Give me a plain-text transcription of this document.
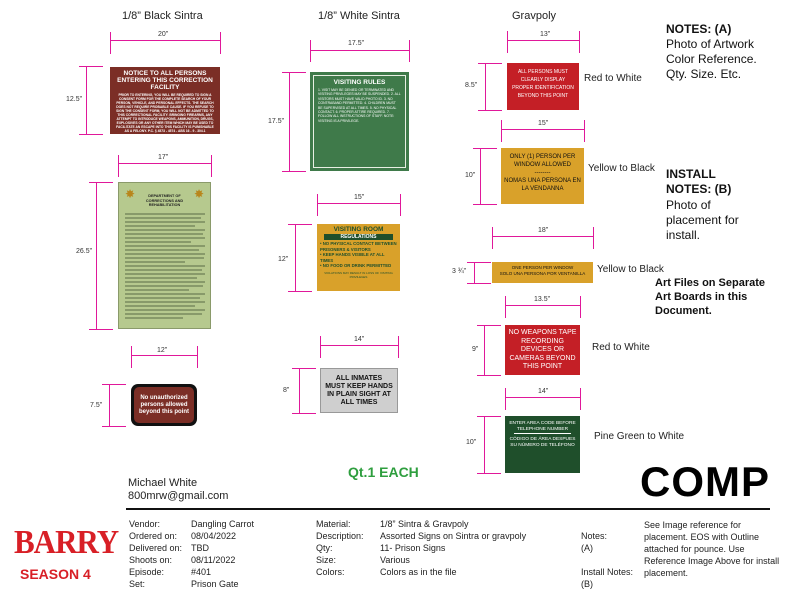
1/8” Black Sintra	1/8” White Sintra	Gravpoly
20”
12.5”
NOTICE TO ALL PERSONS ENTERING THIS CORRECTION FACILITY
PRIOR TO ENTERING, YOU WILL BE REQUIRED TO SIGN A CONSENT FORM FOR THE COMPLETE SEARCH OF YOUR PERSON, VEHICLE, AND PERSONAL EFFECTS. THE SEARCH DOES NOT REQUIRE PROBABLE CAUSE. IF YOU REFUSE TO SIGN THE CONSENT FORM, YOU WILL NOT BE ADMITTED TO THIS CORRECTIONAL FACILITY. BRINGING FIREARMS, ANY ATTEMPT TO INTRODUCE WEAPONS, AMMUNITION, DRUGS, EXPLOSIVES OR ANY OTHER ITEM WHICH MAY BE USED TO FACILITATE AN ESCAPE INTO THIS FACILITY IS PUNISHABLE AS A FELONY. P.C. § 4573 - 4574 - ABS 16 - 9 - 304.1
17”
26.5”
✸	DEPARTMENT OF CORRECTIONS AND REHABILITATION
✸
12”
7.5”
No unauthorized persons allowed beyond this point
17.5”
17.5”
VISITING RULES
1. VISIT MAY BE DENIED OR TERMINATED AND VISITING PRIVILEGES MAY BE SUSPENDED. 2. ALL VISITORS MUST HAVE VALID PHOTO ID. 3. NO CONTRABAND PERMITTED. 4. CHILDREN MUST BE SUPERVISED AT ALL TIMES. 5. NO PHYSICAL CONTACT. 6. PROPER ATTIRE REQUIRED. 7. FOLLOW ALL INSTRUCTIONS OF STAFF. NOTE: VISITING IS A PRIVILEGE.
15”
12”
VISITING ROOM
REGULATIONS
• NO PHYSICAL CONTACT BETWEEN PRISONERS & VISITORS
• KEEP HANDS VISIBLE AT ALL TIMES
• NO FOOD OR DRINK PERMITTED
VIOLATIONS MAY RESULT IN LOSS OF VISITING PRIVILEGES
14”
8”
ALL INMATES MUST KEEP HANDS IN PLAIN SIGHT AT ALL TIMES
Qt.1 EACH
13”
8.5”
ALL PERSONS MUST CLEARLY DISPLAY PROPER IDENTIFICATION BEYOND THIS POINT
Red to White
15”
10”
ONLY (1) PERSON PER WINDOW ALLOWED
--------
NOMAS UNA PERSONA EN LA VENDANNA
Yellow to Black
18”
3 ¾”
ONE PERSON PER WINDOW
SOLO UNA PERSONA POR VENTANILLA	Yellow to Black
13.5”
9”
NO WEAPONS TAPE RECORDING DEVICES OR CAMERAS BEYOND THIS POINT
Red to White
14”
10”
ENTER AREA CODE BEFORE
TELEPHONE NUMBER
CÓDIGO DE ÁREA DESPUES SU NÚMERO DE TELÉFONO
Pine Green to White
NOTES: (A)
Photo of Artwork Color Reference. Qty. Size. Etc.
INSTALL NOTES: (B)
Photo of placement for install.
Art Files on Separate Art Boards in this Document.
COMP
Michael White
800mrw@gmail.com
BARRY
SEASON 4
Vendor:	Dangling Carrot
Ordered on: 08/04/2022
Delivered on: TBD
Shoots on: 08/11/2022
Episode:	#401
Set:	Prison Gate
Material:	1/8” Sintra & Gravpoly
Description: Assorted Signs on Sintra or gravpoly
Qty:	11- Prison Signs
Size:	Various
Colors:	Colors as in the file
Notes:
(A)
Install Notes:
(B)
See Image reference for placement. EOS with Outline attached for pounce. Use Reference Image Above for install placement.
